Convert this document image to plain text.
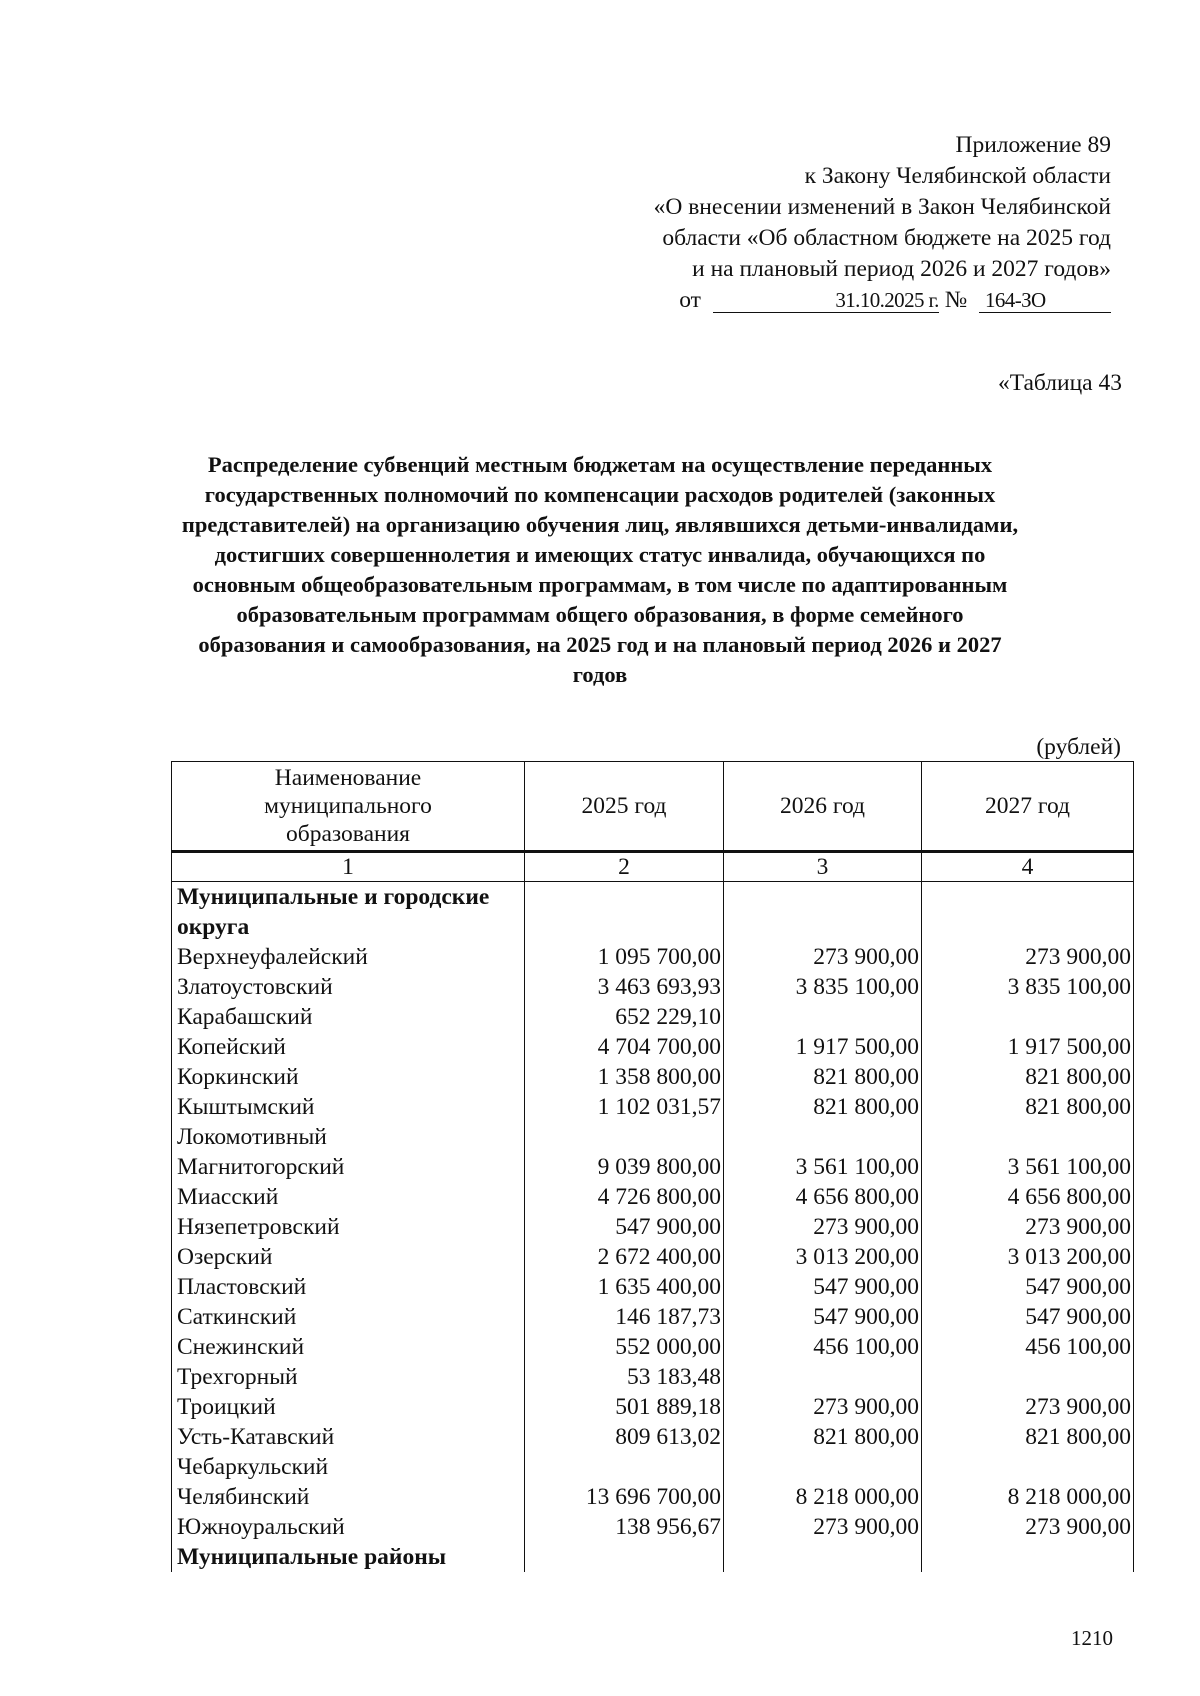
Приложение 89
к Закону Челябинской области
«О внесении изменений в Закон Челябинской
области «Об областном бюджете на 2025 год
и на плановый период 2026 и 2027 годов»
от	31.10.2025 г. № 164-ЗО
«Таблица 43
Распределение субвенций местным бюджетам на осуществление переданных государственных полномочий по компенсации расходов родителей (законных представителей) на организацию обучения лиц, являвшихся детьми-инвалидами, достигших совершеннолетия и имеющих статус инвалида, обучающихся по основным общеобразовательным программам, в том числе по адаптированным образовательным программам общего образования, в форме семейного образования и самообразования, на 2025 год и на плановый период 2026 и 2027 годов
(рублей)
Наименование муниципального образования	2025 год	2026 год	2027 год
1	2	3	4
Муниципальные и городские округа			
Верхнеуфалейский	1 095 700,00	273 900,00	273 900,00
Златоустовский	3 463 693,93	3 835 100,00	3 835 100,00
Карабашский	652 229,10		
Копейский	4 704 700,00	1 917 500,00	1 917 500,00
Коркинский	1 358 800,00	821 800,00	821 800,00
Кыштымский	1 102 031,57	821 800,00	821 800,00
Локомотивный			
Магнитогорский	9 039 800,00	3 561 100,00	3 561 100,00
Миасский	4 726 800,00	4 656 800,00	4 656 800,00
Нязепетровский	547 900,00	273 900,00	273 900,00
Озерский	2 672 400,00	3 013 200,00	3 013 200,00
Пластовский	1 635 400,00	547 900,00	547 900,00
Саткинский	146 187,73	547 900,00	547 900,00
Снежинский	552 000,00	456 100,00	456 100,00
Трехгорный	53 183,48		
Троицкий	501 889,18	273 900,00	273 900,00
Усть-Катавский	809 613,02	821 800,00	821 800,00
Чебаркульский			
Челябинский	13 696 700,00	8 218 000,00	8 218 000,00
Южноуральский	138 956,67	273 900,00	273 900,00
Муниципальные районы			
1210
